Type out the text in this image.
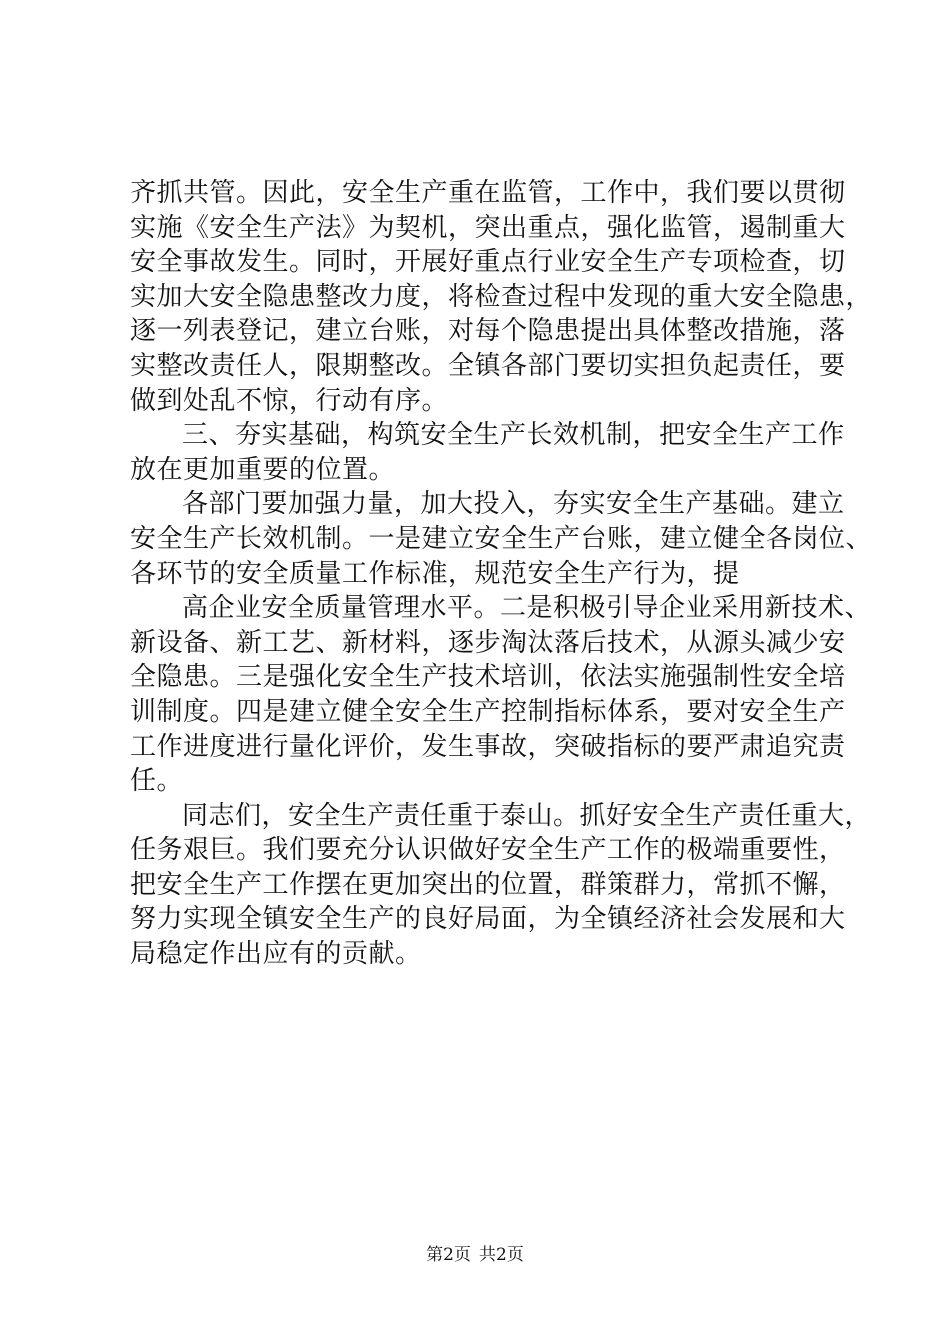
齐抓共管。因此，安全生产重在监管，工作中，我们要以贯彻
实施《安全生产法》为契机，突出重点，强化监管，遏制重大
安全事故发生。同时，开展好重点行业安全生产专项检查，切
实加大安全隐患整改力度，将检查过程中发现的重大安全隐患，
逐一列表登记，建立台账，对每个隐患提出具体整改措施，落
实整改责任人，限期整改。全镇各部门要切实担负起责任，要
做到处乱不惊，行动有序。
三、夯实基础，构筑安全生产长效机制，把安全生产工作
放在更加重要的位置。
各部门要加强力量，加大投入，夯实安全生产基础。建立
安全生产长效机制。一是建立安全生产台账，建立健全各岗位、
各环节的安全质量工作标准，规范安全生产行为，提
高企业安全质量管理水平。二是积极引导企业采用新技术、
新设备、新工艺、新材料，逐步淘汰落后技术，从源头减少安
全隐患。三是强化安全生产技术培训，依法实施强制性安全培
训制度。四是建立健全安全生产控制指标体系，要对安全生产
工作进度进行量化评价，发生事故，突破指标的要严肃追究责
任。
同志们，安全生产责任重于泰山。抓好安全生产责任重大，
任务艰巨。我们要充分认识做好安全生产工作的极端重要性，
把安全生产工作摆在更加突出的位置，群策群力，常抓不懈，
努力实现全镇安全生产的良好局面，为全镇经济社会发展和大
局稳定作出应有的贡献。
第2页 共2页
